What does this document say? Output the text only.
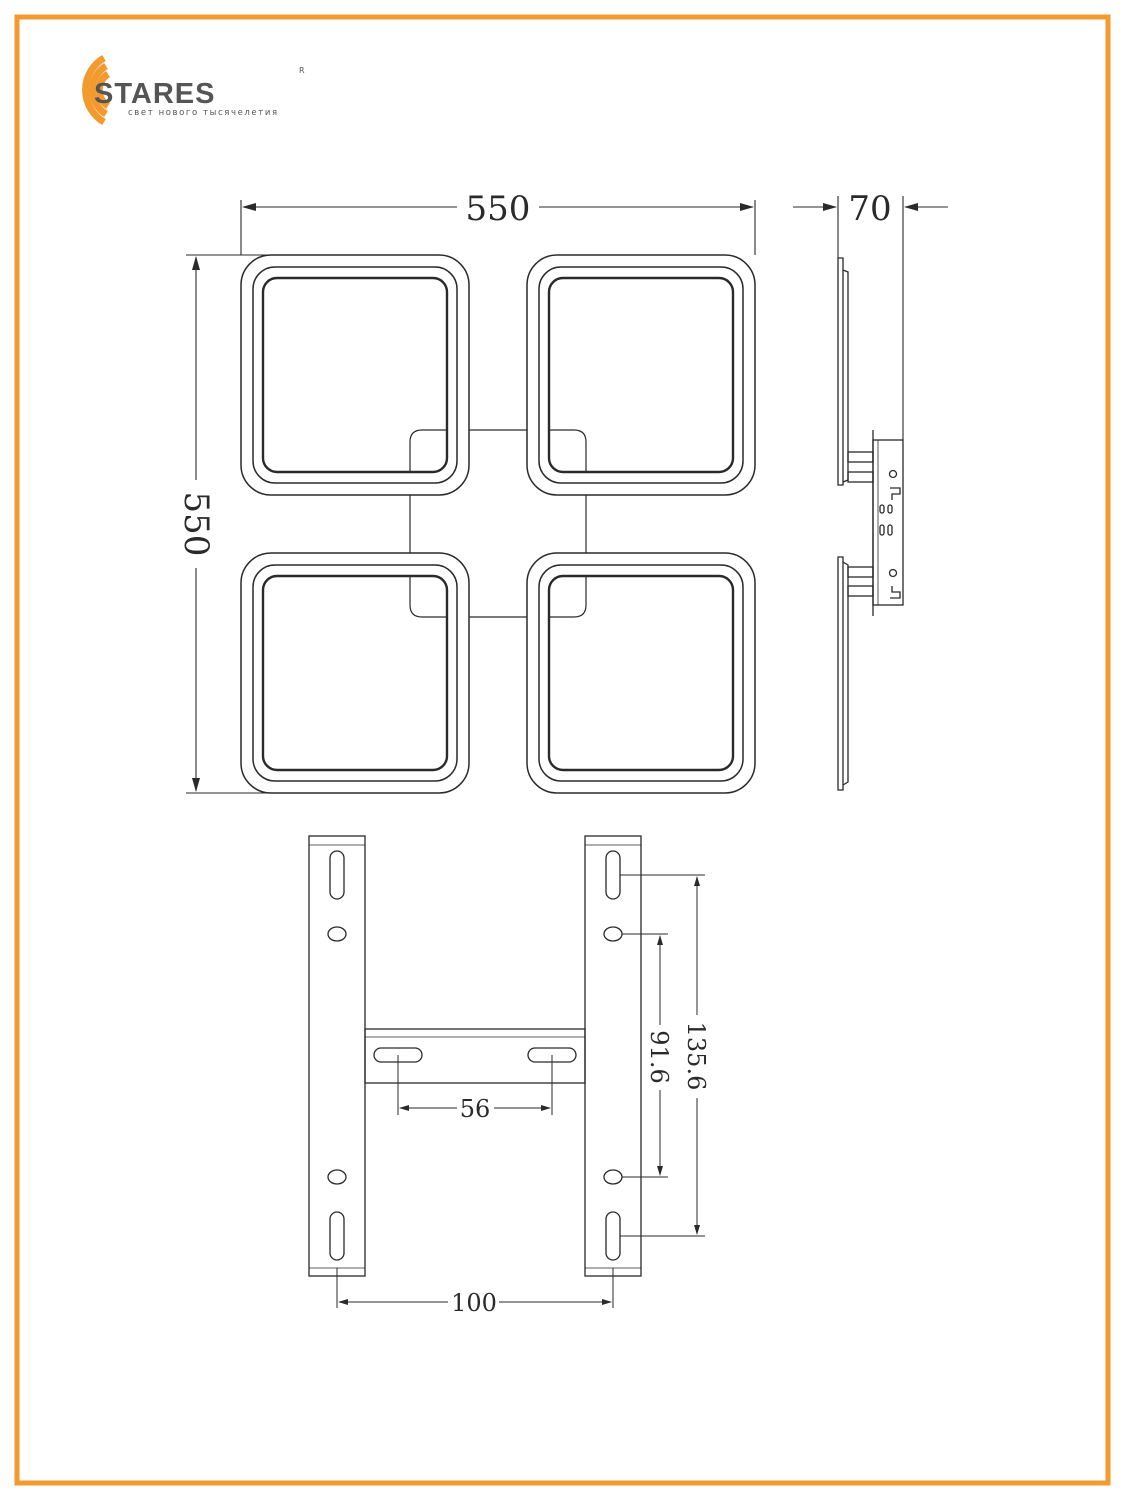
STARES
R
свет нового тысячелетия
550
550
70
56
100
91.6 135.6
